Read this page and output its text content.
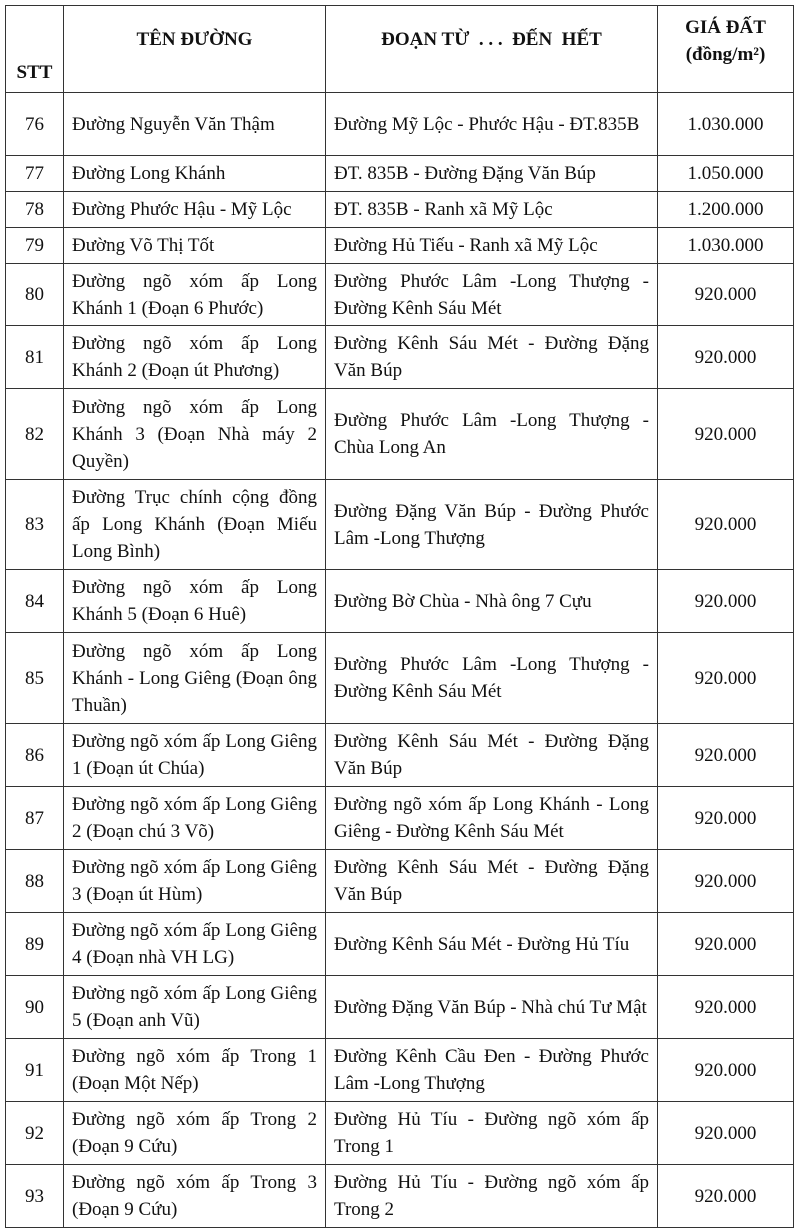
STT	TÊN ĐƯỜNG	ĐOẠN TỪ  . . .  ĐẾN  HẾT	GIÁ ĐẤT
(đồng/m²)

76	Đường Nguyễn Văn Thậm	Đường Mỹ Lộc - Phước Hậu - ĐT.835B	1.030.000
77	Đường Long Khánh	ĐT. 835B - Đường Đặng Văn Búp	1.050.000
78	Đường Phước Hậu - Mỹ Lộc	ĐT. 835B - Ranh xã Mỹ Lộc	1.200.000
79	Đường Võ Thị Tốt	Đường Hủ Tiếu - Ranh xã Mỹ Lộc	1.030.000
80	Đường ngõ xóm ấp Long Khánh 1 (Đoạn 6 Phước)	Đường Phước Lâm -Long Thượng - Đường Kênh Sáu Mét	920.000
81	Đường ngõ xóm ấp Long Khánh 2 (Đoạn út Phương)	Đường Kênh Sáu Mét - Đường Đặng Văn Búp	920.000
82	Đường ngõ xóm ấp Long Khánh 3 (Đoạn Nhà máy 2 Quyền)	Đường Phước Lâm -Long Thượng - Chùa Long An	920.000
83	Đường Trục chính cộng đồng ấp Long Khánh (Đoạn Miếu Long Bình)	Đường Đặng Văn Búp - Đường Phước Lâm -Long Thượng	920.000
84	Đường ngõ xóm ấp Long Khánh 5 (Đoạn 6 Huê)	Đường Bờ Chùa - Nhà ông 7 Cựu	920.000
85	Đường ngõ xóm ấp Long Khánh - Long Giêng (Đoạn ông Thuần)	Đường Phước Lâm -Long Thượng - Đường Kênh Sáu Mét	920.000
86	Đường ngõ xóm ấp Long Giêng 1 (Đoạn út Chúa)	Đường Kênh Sáu Mét - Đường Đặng Văn Búp	920.000
87	Đường ngõ xóm ấp Long Giêng 2 (Đoạn chú 3 Võ)	Đường ngõ xóm ấp Long Khánh - Long Giêng - Đường Kênh Sáu Mét	920.000
88	Đường ngõ xóm ấp Long Giêng 3 (Đoạn út Hùm)	Đường Kênh Sáu Mét - Đường Đặng Văn Búp	920.000
89	Đường ngõ xóm ấp Long Giêng 4 (Đoạn nhà VH LG)	Đường Kênh Sáu Mét - Đường Hủ Tíu	920.000
90	Đường ngõ xóm ấp Long Giêng 5 (Đoạn anh Vũ)	Đường Đặng Văn Búp - Nhà chú Tư Mật	920.000
91	Đường ngõ xóm ấp Trong 1 (Đoạn Một Nếp)	Đường Kênh Cầu Đen - Đường Phước Lâm -Long Thượng	920.000
92	Đường ngõ xóm ấp Trong 2 (Đoạn 9 Cứu)	Đường Hủ Tíu - Đường ngõ xóm ấp Trong 1	920.000
93	Đường ngõ xóm ấp Trong 3 (Đoạn 9 Cứu)	Đường Hủ Tíu - Đường ngõ xóm ấp Trong 2	920.000
